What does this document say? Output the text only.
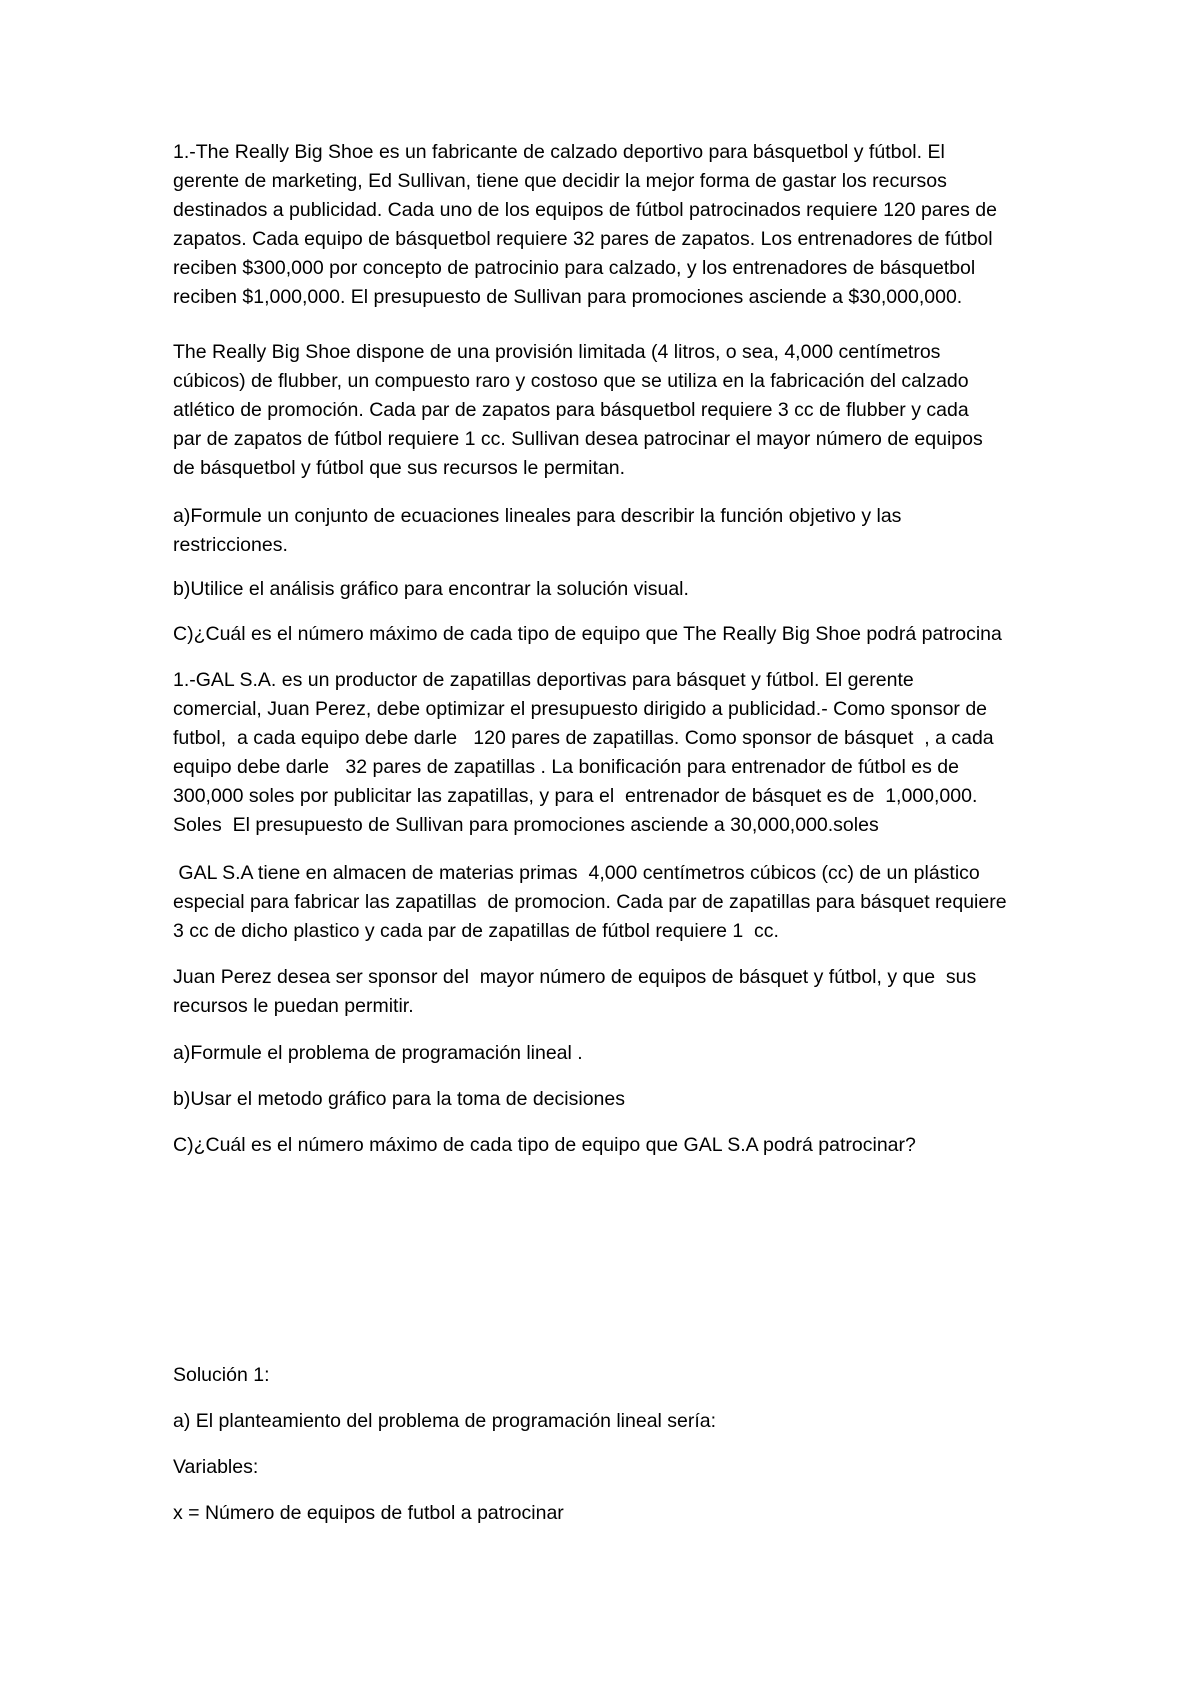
1.-The Really Big Shoe es un fabricante de calzado deportivo para básquetbol y fútbol. El
gerente de marketing, Ed Sullivan, tiene que decidir la mejor forma de gastar los recursos
destinados a publicidad. Cada uno de los equipos de fútbol patrocinados requiere 120 pares de
zapatos. Cada equipo de básquetbol requiere 32 pares de zapatos. Los entrenadores de fútbol
reciben $300,000 por concepto de patrocinio para calzado, y los entrenadores de básquetbol
reciben $1,000,000. El presupuesto de Sullivan para promociones asciende a $30,000,000.
The Really Big Shoe dispone de una provisión limitada (4 litros, o sea, 4,000 centímetros
cúbicos) de flubber, un compuesto raro y costoso que se utiliza en la fabricación del calzado
atlético de promoción. Cada par de zapatos para básquetbol requiere 3 cc de flubber y cada
par de zapatos de fútbol requiere 1 cc. Sullivan desea patrocinar el mayor número de equipos
de básquetbol y fútbol que sus recursos le permitan.
a)Formule un conjunto de ecuaciones lineales para describir la función objetivo y las
restricciones.
b)Utilice el análisis gráfico para encontrar la solución visual.
C)¿Cuál es el número máximo de cada tipo de equipo que The Really Big Shoe podrá patrocina
1.-GAL S.A. es un productor de zapatillas deportivas para básquet y fútbol. El gerente
comercial, Juan Perez, debe optimizar el presupuesto dirigido a publicidad.- Como sponsor de
futbol,  a cada equipo debe darle   120 pares de zapatillas. Como sponsor de básquet  , a cada
equipo debe darle   32 pares de zapatillas . La bonificación para entrenador de fútbol es de
300,000 soles por publicitar las zapatillas, y para el  entrenador de básquet es de  1,000,000.
Soles  El presupuesto de Sullivan para promociones asciende a 30,000,000.soles
GAL S.A tiene en almacen de materias primas  4,000 centímetros cúbicos (cc) de un plástico
especial para fabricar las zapatillas  de promocion. Cada par de zapatillas para básquet requiere
3 cc de dicho plastico y cada par de zapatillas de fútbol requiere 1  cc.
Juan Perez desea ser sponsor del  mayor número de equipos de básquet y fútbol, y que  sus
recursos le puedan permitir.
a)Formule el problema de programación lineal .
b)Usar el metodo gráfico para la toma de decisiones
C)¿Cuál es el número máximo de cada tipo de equipo que GAL S.A podrá patrocinar?
Solución 1:
a) El planteamiento del problema de programación lineal sería:
Variables:
x = Número de equipos de futbol a patrocinar
